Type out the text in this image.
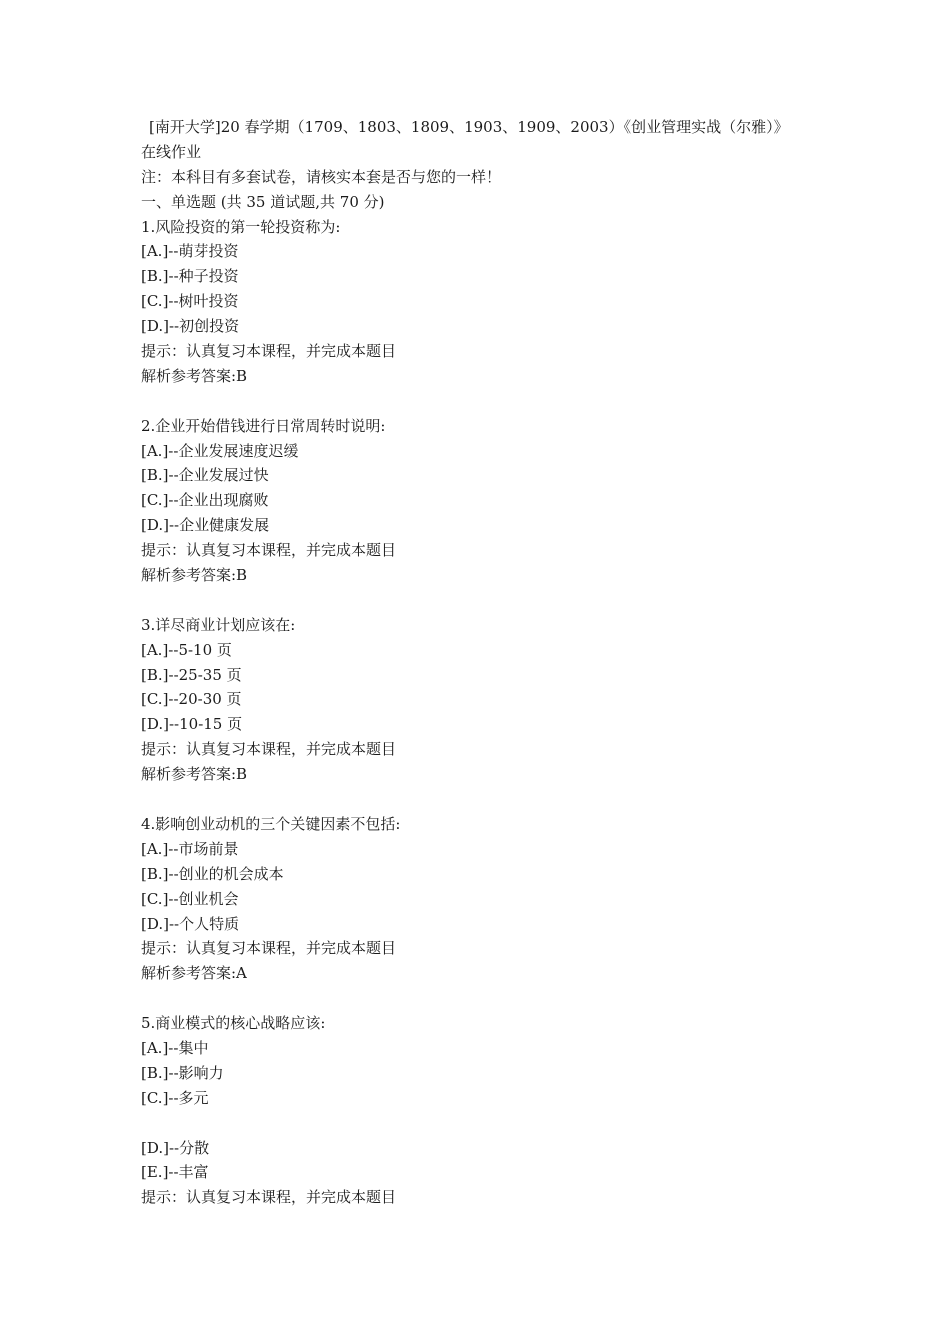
[南开大学]20 春学期（1709、1803、1809、1903、1909、2003）《创业管理实战（尔雅）》
在线作业
注：本科目有多套试卷，请核实本套是否与您的一样！
一、单选题 (共 35 道试题,共 70 分)
1.风险投资的第一轮投资称为:
[A.]--萌芽投资
[B.]--种子投资
[C.]--树叶投资
[D.]--初创投资
提示：认真复习本课程，并完成本题目
解析参考答案:B
2.企业开始借钱进行日常周转时说明:
[A.]--企业发展速度迟缓
[B.]--企业发展过快
[C.]--企业出现腐败
[D.]--企业健康发展
提示：认真复习本课程，并完成本题目
解析参考答案:B
3.详尽商业计划应该在:
[A.]--5-10 页
[B.]--25-35 页
[C.]--20-30 页
[D.]--10-15 页
提示：认真复习本课程，并完成本题目
解析参考答案:B
4.影响创业动机的三个关键因素不包括:
[A.]--市场前景
[B.]--创业的机会成本
[C.]--创业机会
[D.]--个人特质
提示：认真复习本课程，并完成本题目
解析参考答案:A
5.商业模式的核心战略应该:
[A.]--集中
[B.]--影响力
[C.]--多元
[D.]--分散
[E.]--丰富
提示：认真复习本课程，并完成本题目
